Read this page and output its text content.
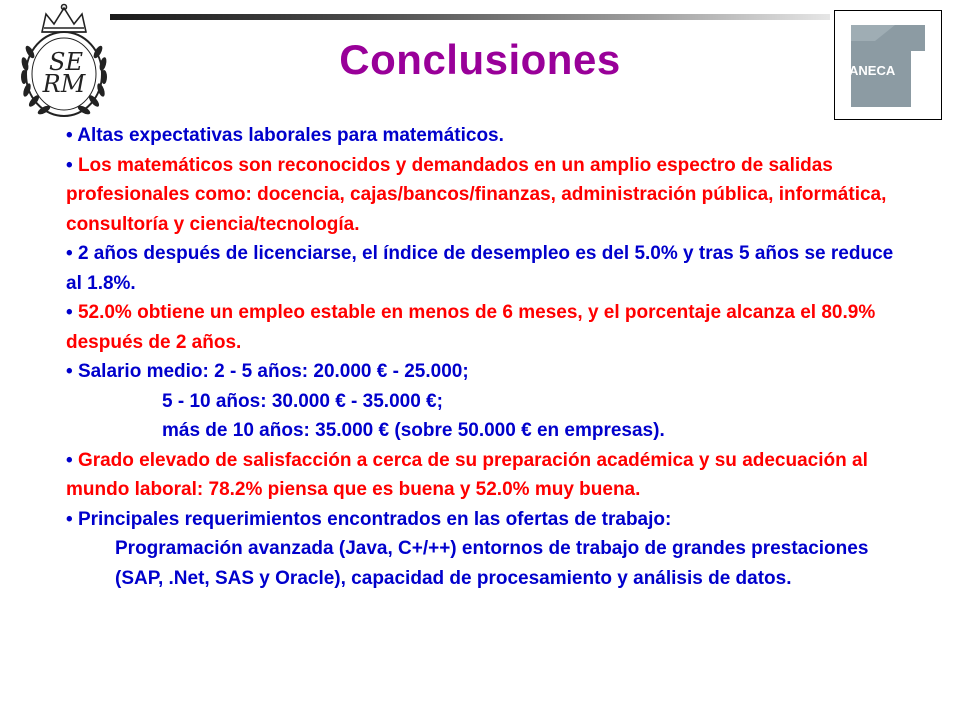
SE
RM
Conclusiones	ANECA

• Altas expectativas laborales para matemáticos.

• Los matemáticos son reconocidos y demandados en un amplio espectro de salidas profesionales como: docencia, cajas/bancos/finanzas, administración pública, informática, consultoría y ciencia/tecnología.

• 2 años después de licenciarse, el índice de desempleo es del 5.0% y tras 5 años se reduce al 1.8%.

• 52.0% obtiene un empleo estable en menos de 6 meses, y el porcentaje alcanza el 80.9% después de 2 años.

• Salario medio: 2 - 5 años: 20.000 € - 25.000;

5 - 10 años: 30.000 € - 35.000 €;

más de 10 años: 35.000 € (sobre 50.000 € en empresas).

• Grado elevado de salisfacción a cerca de su preparación académica y su adecuación al mundo laboral: 78.2% piensa que es buena y 52.0% muy buena.

• Principales requerimientos encontrados en las ofertas de trabajo:

Programación avanzada (Java, C+/++) entornos de trabajo de grandes prestaciones (SAP, .Net, SAS y Oracle), capacidad de procesamiento y análisis de datos.
